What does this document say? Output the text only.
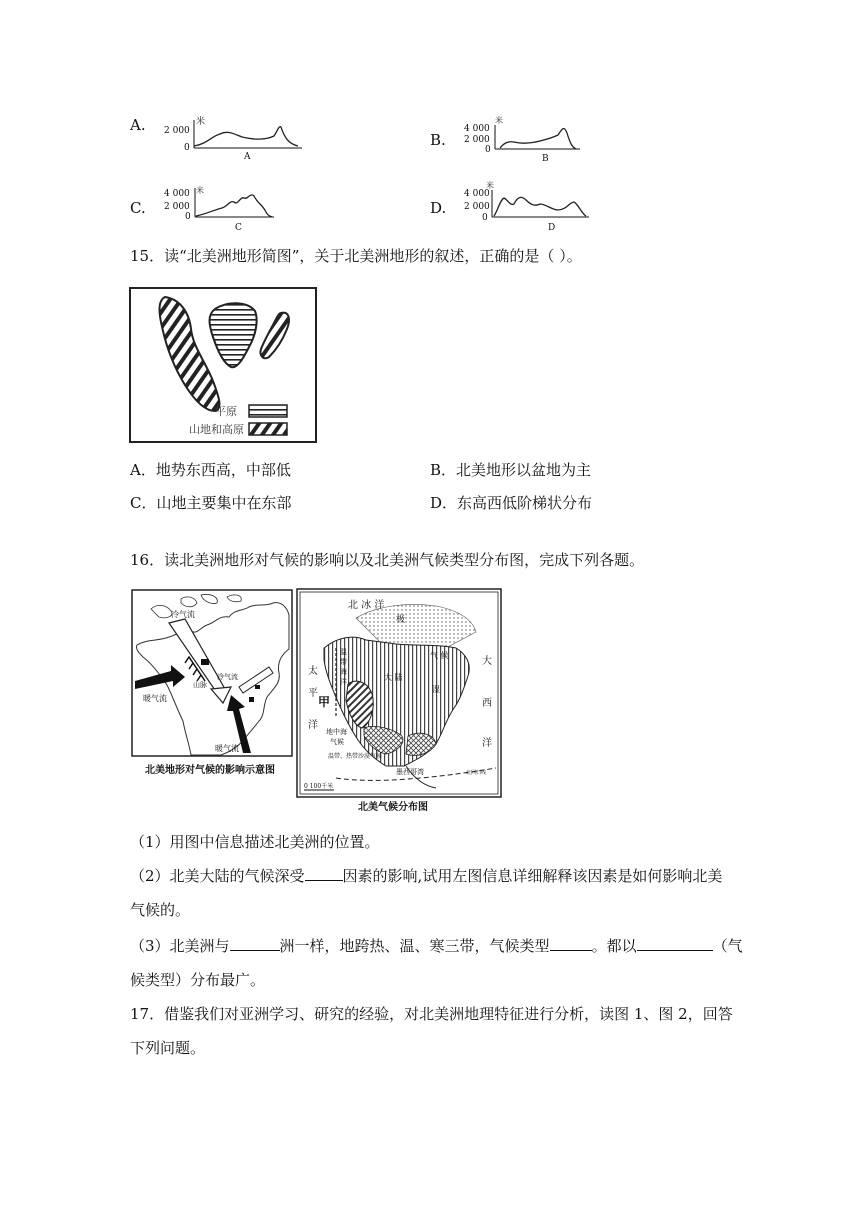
A. 2 000
米
0
A
B.
米
4 000
2 000
0
B
C.
米
4 000
2 000
0
C
D.
米
4 000
2 000
0
D
15．读“北美洲地形简图”，关于北美洲地形的叙述，正确的是（ ）。
平原
山地和高原
A．地势东西高，中部低	B．北美地形以盆地为主
C．山地主要集中在东部	D．东高西低阶梯状分布
16．读北美洲地形对气候的影响以及北美洲气候类型分布图，完成下列各题。
冷气流
暖气流
山脉
冷气流
暖气流
北美地形对气候的影响示意图
北 冰 洋
极
太
平
甲
洋
大
西
洋
温
带
海
洋	大 陆
气 候
湿
地中海
气候
温带、热带沙漠气候
墨西哥湾	北回归线
0 100千米
北美气候分布图
（1）用图中信息描述北美洲的位置。
（2）北美大陆的气候深受	因素的影响,试用左图信息详细解释该因素是如何影响北美
气候的。
（3）北美洲与	洲一样，地跨热、温、寒三带，气候类型	。都以	（气
候类型）分布最广。
17．借鉴我们对亚洲学习、研究的经验，对北美洲地理特征进行分析，读图 1、图 2，回答
下列问题。
